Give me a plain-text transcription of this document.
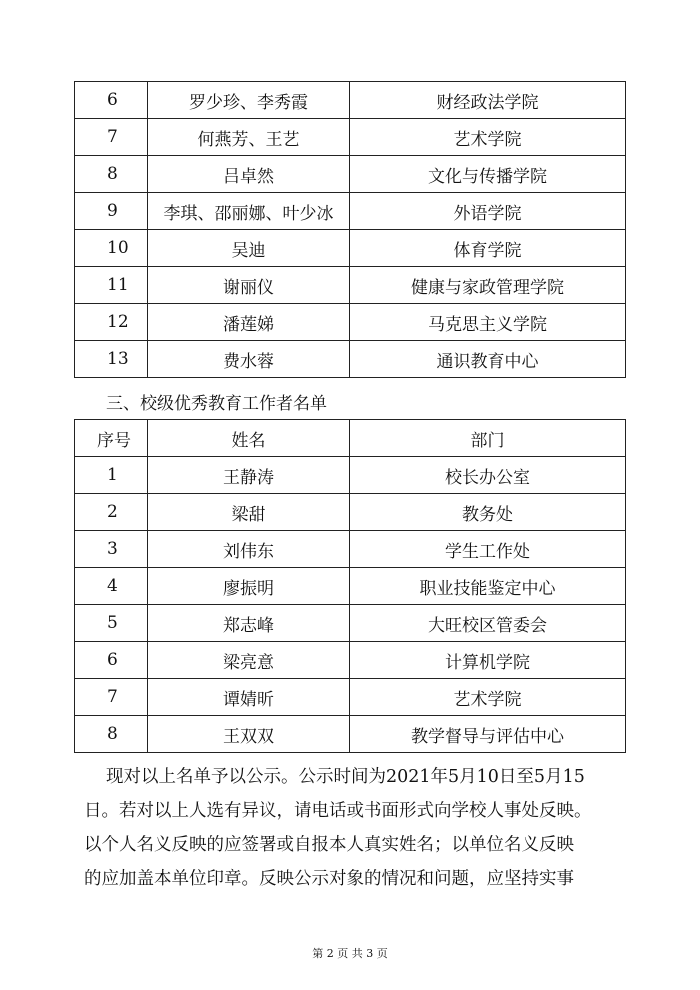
6	罗少珍、李秀霞	财经政法学院
7	何燕芳、王艺	艺术学院
8	吕卓然	文化与传播学院
9	李琪、邵丽娜、叶少冰	外语学院
10	吴迪	体育学院
11	谢丽仪	健康与家政管理学院
12	潘莲娣	马克思主义学院
13	费水蓉	通识教育中心
三、校级优秀教育工作者名单
序号	姓名	部门
1	王静涛	校长办公室
2	梁甜	教务处
3	刘伟东	学生工作处
4	廖振明	职业技能鉴定中心
5	郑志峰	大旺校区管委会
6	梁亮意	计算机学院
7	谭婧昕	艺术学院
8	王双双	教学督导与评估中心

现对以上名单予以公示。公示时间为2021年5月10日至5月15

日。若对以上人选有异议，请电话或书面形式向学校人事处反映。

以个人名义反映的应签署或自报本人真实姓名；以单位名义反映

的应加盖本单位印章。反映公示对象的情况和问题，应坚持实事

第 2 页 共 3 页
